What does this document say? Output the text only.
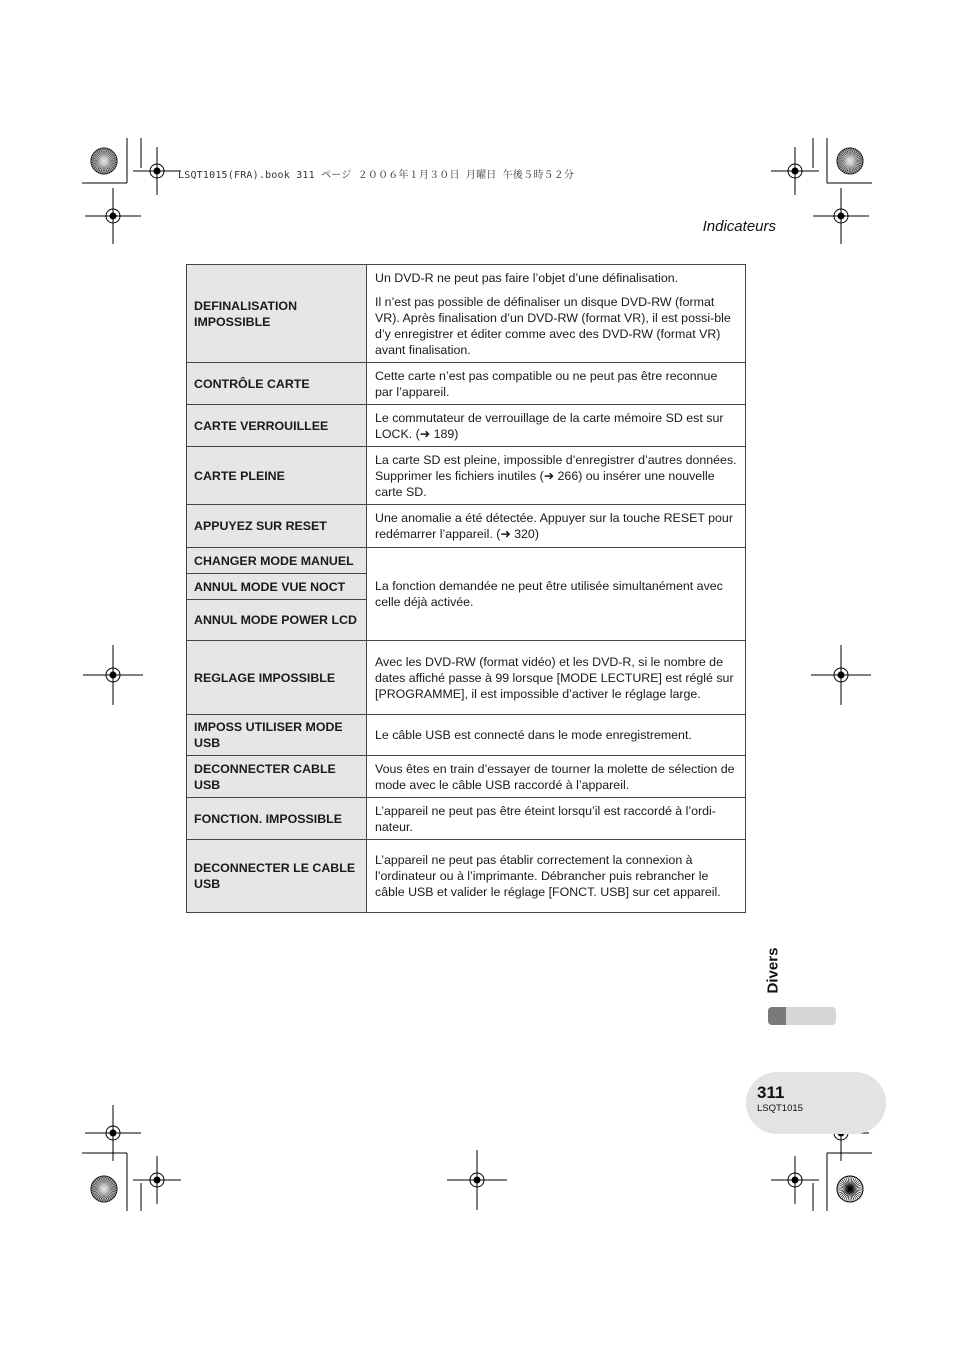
LSQT1015(FRA).book 311 ページ ２００６年１月３０日 月曜日 午後５時５２分
Indicateurs
DEFINALISATION IMPOSSIBLE	Un DVD-R ne peut pas faire l’objet d’une définalisation.

Il n’est pas possible de définaliser un disque DVD-RW (format VR). Après finalisation d’un DVD-RW (format VR), il est possi-ble d’y enregistrer et éditer comme avec des DVD-RW (format VR) avant finalisation.

CONTRÔLE CARTE	Cette carte n’est pas compatible ou ne peut pas être reconnue par l’appareil.
CARTE VERROUILLEE	Le commutateur de verrouillage de la carte mémoire SD est sur LOCK. (➜ 189)
CARTE PLEINE	La carte SD est pleine, impossible d’enregistrer d’autres données. Supprimer les fichiers inutiles (➜ 266) ou insérer une nouvelle carte SD.
APPUYEZ SUR RESET	Une anomalie a été détectée. Appuyer sur la touche RESET pour redémarrer l’appareil. (➜ 320)
CHANGER MODE MANUEL	La fonction demandée ne peut être utilisée simultanément avec celle déjà activée.
ANNUL MODE VUE NOCT	
ANNUL MODE POWER LCD	
REGLAGE IMPOSSIBLE	Avec les DVD-RW (format vidéo) et les DVD-R, si le nombre de dates affiché passe à 99 lorsque [MODE LECTURE] est réglé sur [PROGRAMME], il est impossible d’activer le réglage large.
IMPOSS UTILISER MODE USB	Le câble USB est connecté dans le mode enregistrement.
DECONNECTER CABLE USB	Vous êtes en train d’essayer de tourner la molette de sélection de mode avec le câble USB raccordé à l’appareil.
FONCTION. IMPOSSIBLE	L’appareil ne peut pas être éteint lorsqu’il est raccordé à l’ordi-nateur.
DECONNECTER LE CABLE USB	L’appareil ne peut pas établir correctement la connexion à l’ordinateur ou à l’imprimante. Débrancher puis rebrancher le câble USB et valider le réglage [FONCT. USB] sur cet appareil.
Divers
311
LSQT1015
